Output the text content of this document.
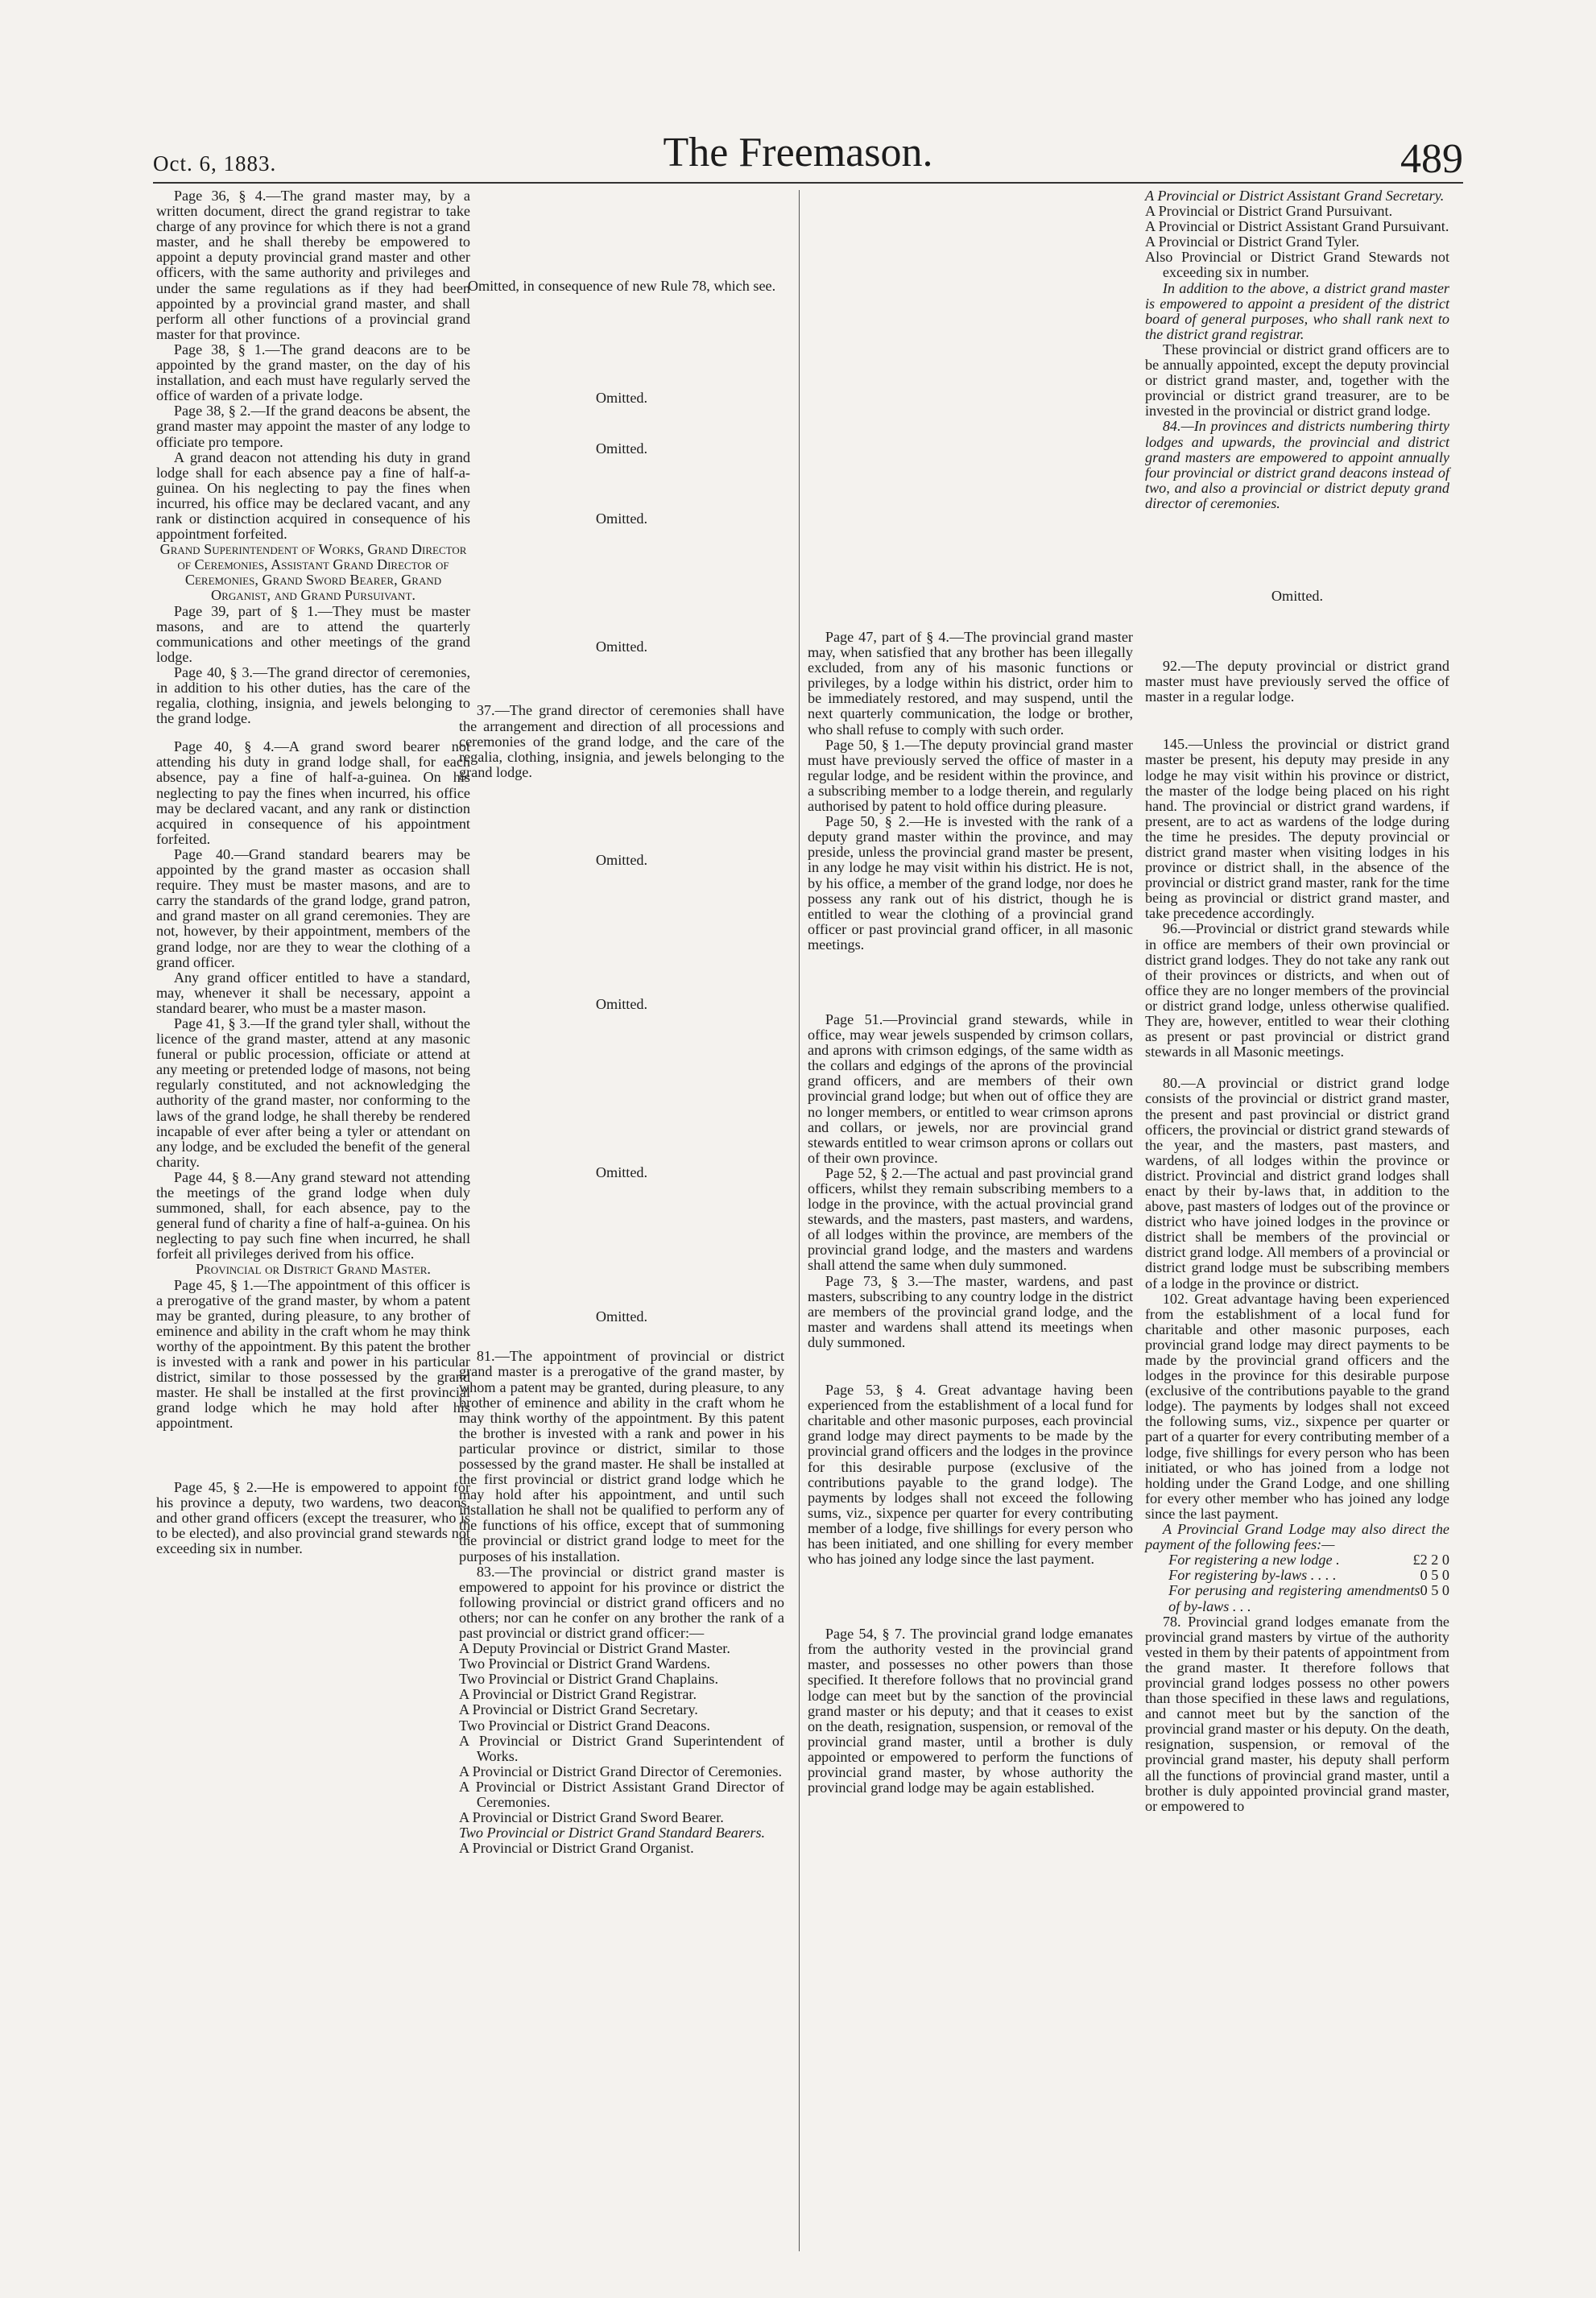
Oct. 6, 1883.	The Freemason.	489

Page 36, § 4.—The grand master may, by a written document, direct the grand registrar to take charge of any province for which there is not a grand master, and he shall thereby be empowered to appoint a deputy provincial grand master and other officers, with the same authority and privileges and under the same regulations as if they had been appointed by a provincial grand master, and shall perform all other functions of a provincial grand master for that province.

Page 38, § 1.—The grand deacons are to be appointed by the grand master, on the day of his installation, and each must have regularly served the office of warden of a private lodge.

Page 38, § 2.—If the grand deacons be absent, the grand master may appoint the master of any lodge to officiate pro tempore.

A grand deacon not attending his duty in grand lodge shall for each absence pay a fine of half-a-guinea. On his neglecting to pay the fines when incurred, his office may be declared vacant, and any rank or distinction acquired in consequence of his appointment forfeited.

Grand Superintendent of Works, Grand Director of Ceremonies, Assistant Grand Director of Ceremonies, Grand Sword Bearer, Grand Organist, and Grand Pursuivant.

Page 39, part of § 1.—They must be master masons, and are to attend the quarterly communications and other meetings of the grand lodge.

Page 40, § 3.—The grand director of ceremonies, in addition to his other duties, has the care of the regalia, clothing, insignia, and jewels belonging to the grand lodge.

Page 40, § 4.—A grand sword bearer not attending his duty in grand lodge shall, for each absence, pay a fine of half-a-guinea. On his neglecting to pay the fines when incurred, his office may be declared vacant, and any rank or distinction acquired in consequence of his appointment forfeited.

Page 40.—Grand standard bearers may be appointed by the grand master as occasion shall require. They must be master masons, and are to carry the standards of the grand lodge, grand patron, and grand master on all grand ceremonies. They are not, however, by their appointment, members of the grand lodge, nor are they to wear the clothing of a grand officer.

Any grand officer entitled to have a standard, may, whenever it shall be necessary, appoint a standard bearer, who must be a master mason.

Page 41, § 3.—If the grand tyler shall, without the licence of the grand master, attend at any masonic funeral or public procession, officiate or attend at any meeting or pretended lodge of masons, not being regularly constituted, and not acknowledging the authority of the grand master, nor conforming to the laws of the grand lodge, he shall thereby be rendered incapable of ever after being a tyler or attendant on any lodge, and be excluded the benefit of the general charity.

Page 44, § 8.—Any grand steward not attending the meetings of the grand lodge when duly summoned, shall, for each absence, pay to the general fund of charity a fine of half-a-guinea. On his neglecting to pay such fine when incurred, he shall forfeit all privileges derived from his office.

Provincial or District Grand Master.

Page 45, § 1.—The appointment of this officer is a prerogative of the grand master, by whom a patent may be granted, during pleasure, to any brother of eminence and ability in the craft whom he may think worthy of the appointment. By this patent the brother is invested with a rank and power in his particular district, similar to those possessed by the grand master. He shall be installed at the first provincial grand lodge which he may hold after his appointment.

Page 45, § 2.—He is empowered to appoint for his province a deputy, two wardens, two deacons, and other grand officers (except the treasurer, who is to be elected), and also provincial grand stewards not exceeding six in number.

Omitted, in consequence of new Rule 78, which see.

Omitted.

Omitted.

Omitted.

Omitted.

37.—The grand director of ceremonies shall have the arrangement and direction of all processions and ceremonies of the grand lodge, and the care of the regalia, clothing, insignia, and jewels belonging to the grand lodge.

Omitted.

Omitted.

Omitted.

Omitted.

81.—The appointment of provincial or district grand master is a prerogative of the grand master, by whom a patent may be granted, during pleasure, to any brother of eminence and ability in the craft whom he may think worthy of the appointment. By this patent the brother is invested with a rank and power in his particular province or district, similar to those possessed by the grand master. He shall be installed at the first provincial or district grand lodge which he may hold after his appointment, and until such installation he shall not be qualified to perform any of the functions of his office, except that of summoning the provincial or district grand lodge to meet for the purposes of his installation.

83.—The provincial or district grand master is empowered to appoint for his province or district the following provincial or district grand officers and no others; nor can he confer on any brother the rank of a past provincial or district grand officer:—

A Deputy Provincial or District Grand Master.

Two Provincial or District Grand Wardens.

Two Provincial or District Grand Chaplains.

A Provincial or District Grand Registrar.

A Provincial or District Grand Secretary.

Two Provincial or District Grand Deacons.

A Provincial or District Grand Superintendent of Works.

A Provincial or District Grand Director of Ceremonies.

A Provincial or District Assistant Grand Director of Ceremonies.

A Provincial or District Grand Sword Bearer.

Two Provincial or District Grand Standard Bearers.

A Provincial or District Grand Organist.

Page 47, part of § 4.—The provincial grand master may, when satisfied that any brother has been illegally excluded, from any of his masonic functions or privileges, by a lodge within his district, order him to be immediately restored, and may suspend, until the next quarterly communication, the lodge or brother, who shall refuse to comply with such order.

Page 50, § 1.—The deputy provincial grand master must have previously served the office of master in a regular lodge, and be resident within the province, and a subscribing member to a lodge therein, and regularly authorised by patent to hold office during pleasure.

Page 50, § 2.—He is invested with the rank of a deputy grand master within the province, and may preside, unless the provincial grand master be present, in any lodge he may visit within his district. He is not, by his office, a member of the grand lodge, nor does he possess any rank out of his district, though he is entitled to wear the clothing of a provincial grand officer or past provincial grand officer, in all masonic meetings.

Page 51.—Provincial grand stewards, while in office, may wear jewels suspended by crimson collars, and aprons with crimson edgings, of the same width as the collars and edgings of the aprons of the provincial grand officers, and are members of their own provincial grand lodge; but when out of office they are no longer members, or entitled to wear crimson aprons and collars, or jewels, nor are provincial grand stewards entitled to wear crimson aprons or collars out of their own province.

Page 52, § 2.—The actual and past provincial grand officers, whilst they remain subscribing members to a lodge in the province, with the actual provincial grand stewards, and the masters, past masters, and wardens, of all lodges within the province, are members of the provincial grand lodge, and the masters and wardens shall attend the same when duly summoned.

Page 73, § 3.—The master, wardens, and past masters, subscribing to any country lodge in the district are members of the provincial grand lodge, and the master and wardens shall attend its meetings when duly summoned.

Page 53, § 4. Great advantage having been experienced from the establishment of a local fund for charitable and other masonic purposes, each provincial grand lodge may direct payments to be made by the provincial grand officers and the lodges in the province for this desirable purpose (exclusive of the contributions payable to the grand lodge). The payments by lodges shall not exceed the following sums, viz., sixpence per quarter for every contributing member of a lodge, five shillings for every person who has been initiated, and one shilling for every member who has joined any lodge since the last payment.

Page 54, § 7. The provincial grand lodge emanates from the authority vested in the provincial grand master, and possesses no other powers than those specified. It therefore follows that no provincial grand lodge can meet but by the sanction of the provincial grand master or his deputy; and that it ceases to exist on the death, resignation, suspension, or removal of the provincial grand master, until a brother is duly appointed or empowered to perform the functions of provincial grand master, by whose authority the provincial grand lodge may be again established.

A Provincial or District Assistant Grand Secretary.

A Provincial or District Grand Pursuivant.

A Provincial or District Assistant Grand Pursuivant.

A Provincial or District Grand Tyler.

Also Provincial or District Grand Stewards not exceeding six in number.

In addition to the above, a district grand master is empowered to appoint a president of the district board of general purposes, who shall rank next to the district grand registrar.

These provincial or district grand officers are to be annually appointed, except the deputy provincial or district grand master, and, together with the provincial or district grand treasurer, are to be invested in the provincial or district grand lodge.

84.—In provinces and districts numbering thirty lodges and upwards, the provincial and district grand masters are empowered to appoint annually four provincial or district grand deacons instead of two, and also a provincial or district deputy grand director of ceremonies.

Omitted.

92.—The deputy provincial or district grand master must have previously served the office of master in a regular lodge.

145.—Unless the provincial or district grand master be present, his deputy may preside in any lodge he may visit within his province or district, the master of the lodge being placed on his right hand. The provincial or district grand wardens, if present, are to act as wardens of the lodge during the time he presides. The deputy provincial or district grand master when visiting lodges in his province or district shall, in the absence of the provincial or district grand master, rank for the time being as provincial or district grand master, and take precedence accordingly.

96.—Provincial or district grand stewards while in office are members of their own provincial or district grand lodges. They do not take any rank out of their provinces or districts, and when out of office they are no longer members of the provincial or district grand lodge, unless otherwise qualified. They are, however, entitled to wear their clothing as present or past provincial or district grand stewards in all Masonic meetings.

80.—A provincial or district grand lodge consists of the provincial or district grand master, the present and past provincial or district grand officers, the provincial or district grand stewards of the year, and the masters, past masters, and wardens, of all lodges within the province or district. Provincial and district grand lodges shall enact by their by-laws that, in addition to the above, past masters of lodges out of the province or district who have joined lodges in the province or district shall be members of the provincial or district grand lodge. All members of a provincial or district grand lodge must be subscribing members of a lodge in the province or district.

102. Great advantage having been experienced from the establishment of a local fund for charitable and other masonic purposes, each provincial grand lodge may direct payments to be made by the provincial grand officers and the lodges in the province for this desirable purpose (exclusive of the contributions payable to the grand lodge). The payments by lodges shall not exceed the following sums, viz., sixpence per quarter or part of a quarter for every contributing member of a lodge, five shillings for every person who has been initiated, or who has joined from a lodge not holding under the Grand Lodge, and one shilling for every other member who has joined any lodge since the last payment.

A Provincial Grand Lodge may also direct the payment of the following fees:—

For registering a new lodge .	£2 2 0
For registering by-laws . . . .	0 5 0
For perusing and registering amendments of by-laws . . .
0 5 0

78. Provincial grand lodges emanate from the provincial grand masters by virtue of the authority vested in them by their patents of appointment from the grand master. It therefore follows that provincial grand lodges possess no other powers than those specified in these laws and regulations, and cannot meet but by the sanction of the provincial grand master or his deputy. On the death, resignation, suspension, or removal of the provincial grand master, his deputy shall perform all the functions of provincial grand master, until a brother is duly appointed provincial grand master, or empowered to
